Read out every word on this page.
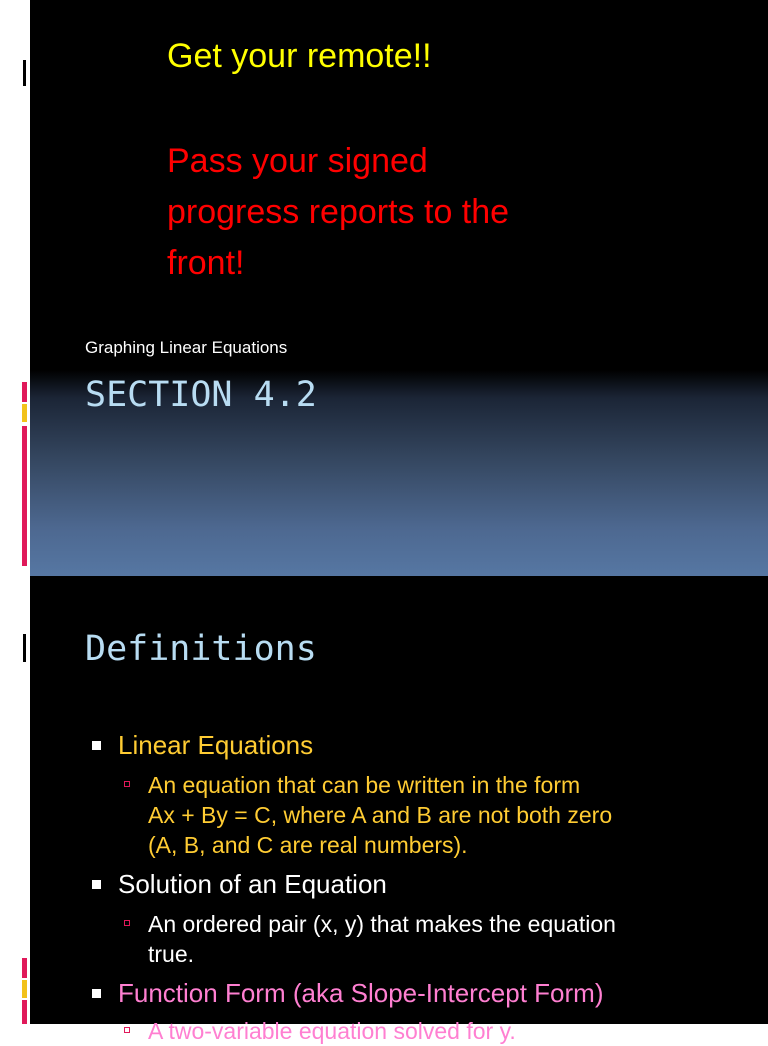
Get your remote!!
Pass your signed
progress reports to the
front!
Graphing Linear Equations
SECTION 4.2
Definitions
Linear Equations
An equation that can be written in the form
Ax + By = C, where A and B are not both zero
(A, B, and C are real numbers).
Solution of an Equation
An ordered pair (x, y) that makes the equation
true.
Function Form (aka Slope-Intercept Form)
A two-variable equation solved for y.
